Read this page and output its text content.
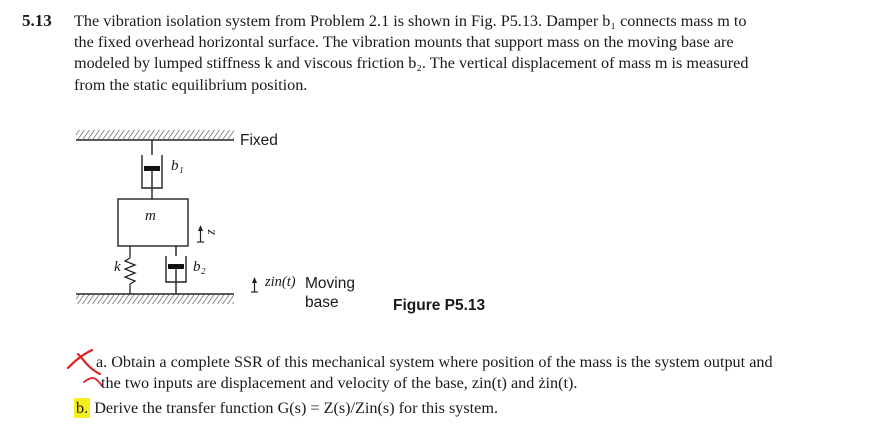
5.13 The vibration isolation system from Problem 2.1 is shown in Fig. P5.13. Damper b₁ connects mass m to
the fixed overhead horizontal surface. The vibration mounts that support mass on the moving base are
modeled by lumped stiffness k and viscous friction b₂. The vertical displacement of mass m is measured
from the static equilibrium position.
Fixed
b₁
m
z
k	b₂
zin(t) Moving
base	Figure P5.13
a. Obtain a complete SSR of this mechanical system where position of the mass is the system output and
the two inputs are displacement and velocity of the base, zin(t) and żin(t).
b. Derive the transfer function G(s) = Z(s)/Zin(s) for this system.
